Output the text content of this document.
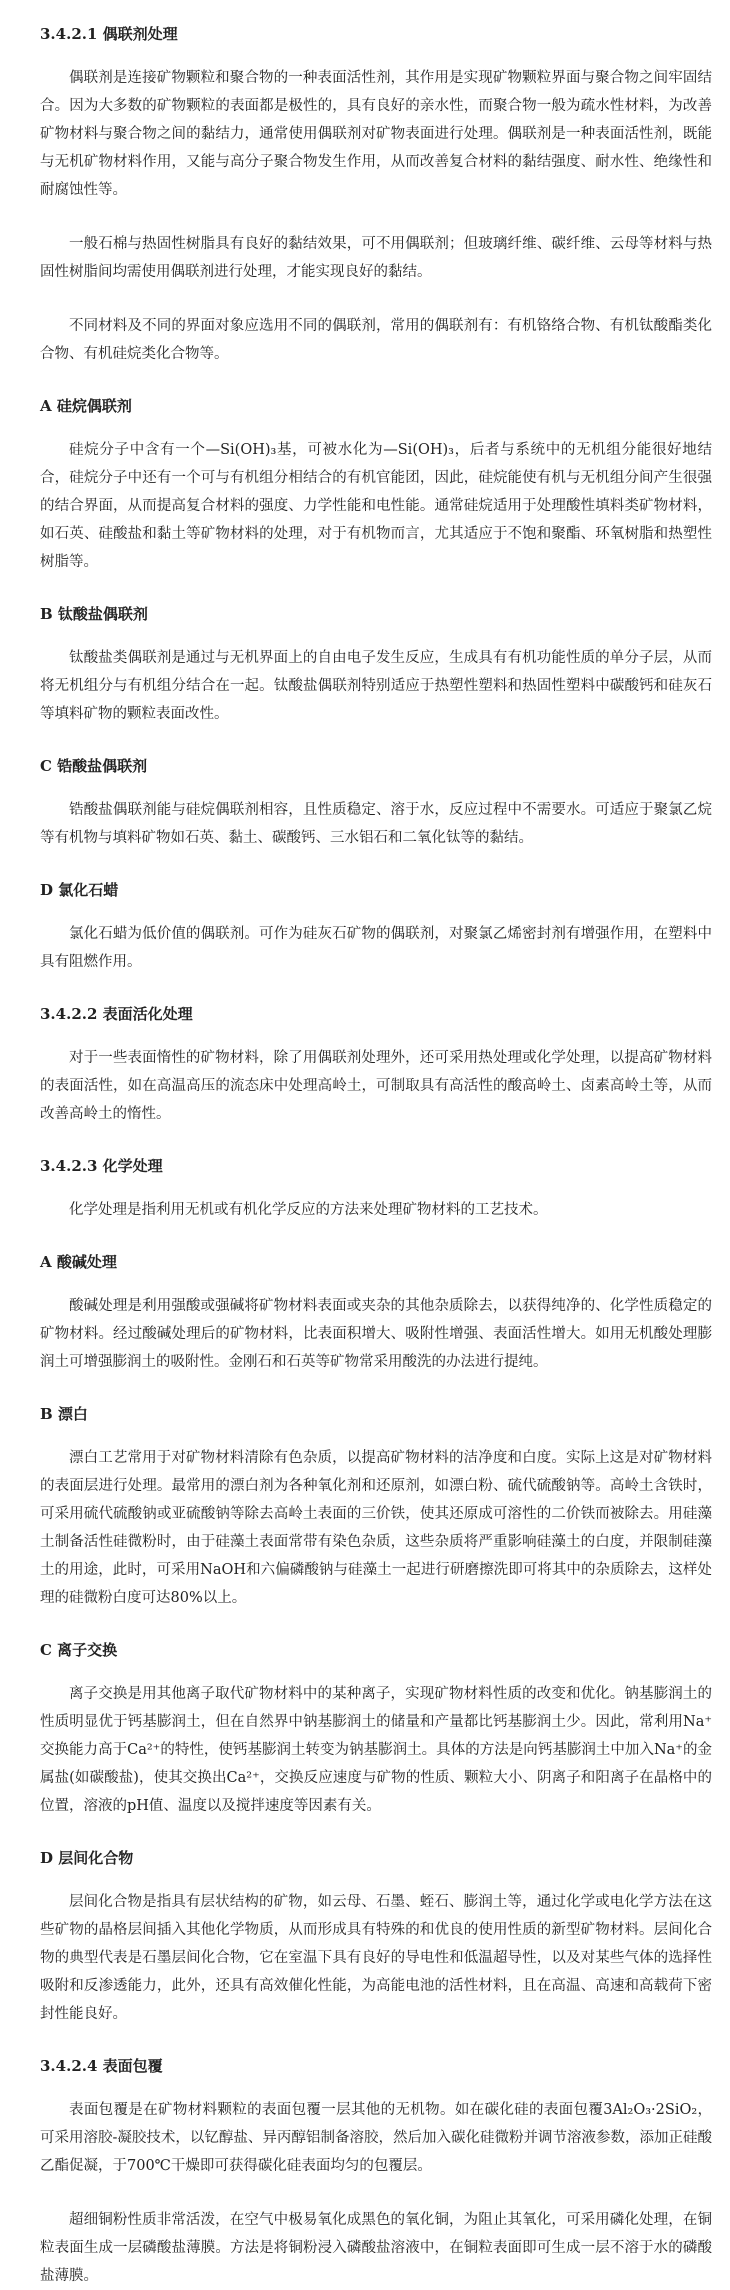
3.4.2.1 偶联剂处理

偶联剂是连接矿物颗粒和聚合物的一种表面活性剂，其作用是实现矿物颗粒界面与聚合物之间牢固结合。因为大多数的矿物颗粒的表面都是极性的，具有良好的亲水性，而聚合物一般为疏水性材料，为改善矿物材料与聚合物之间的黏结力，通常使用偶联剂对矿物表面进行处理。偶联剂是一种表面活性剂，既能与无机矿物材料作用，又能与高分子聚合物发生作用，从而改善复合材料的黏结强度、耐水性、绝缘性和耐腐蚀性等。

一般石棉与热固性树脂具有良好的黏结效果，可不用偶联剂；但玻璃纤维、碳纤维、云母等材料与热固性树脂间均需使用偶联剂进行处理，才能实现良好的黏结。

不同材料及不同的界面对象应选用不同的偶联剂，常用的偶联剂有：有机铬络合物、有机钛酸酯类化合物、有机硅烷类化合物等。

A 硅烷偶联剂

硅烷分子中含有一个—Si(OH)₃基，可被水化为—Si(OH)₃，后者与系统中的无机组分能很好地结合，硅烷分子中还有一个可与有机组分相结合的有机官能团，因此，硅烷能使有机与无机组分间产生很强的结合界面，从而提高复合材料的强度、力学性能和电性能。通常硅烷适用于处理酸性填料类矿物材料，如石英、硅酸盐和黏土等矿物材料的处理，对于有机物而言，尤其适应于不饱和聚酯、环氧树脂和热塑性树脂等。

B 钛酸盐偶联剂

钛酸盐类偶联剂是通过与无机界面上的自由电子发生反应，生成具有有机功能性质的单分子层，从而将无机组分与有机组分结合在一起。钛酸盐偶联剂特别适应于热塑性塑料和热固性塑料中碳酸钙和硅灰石等填料矿物的颗粒表面改性。

C 锆酸盐偶联剂

锆酸盐偶联剂能与硅烷偶联剂相容，且性质稳定、溶于水，反应过程中不需要水。可适应于聚氯乙烷等有机物与填料矿物如石英、黏土、碳酸钙、三水铝石和二氧化钛等的黏结。

D 氯化石蜡

氯化石蜡为低价值的偶联剂。可作为硅灰石矿物的偶联剂，对聚氯乙烯密封剂有增强作用，在塑料中具有阻燃作用。

3.4.2.2 表面活化处理

对于一些表面惰性的矿物材料，除了用偶联剂处理外，还可采用热处理或化学处理，以提高矿物材料的表面活性，如在高温高压的流态床中处理高岭土，可制取具有高活性的酸高岭土、卤素高岭土等，从而改善高岭土的惰性。

3.4.2.3 化学处理

化学处理是指利用无机或有机化学反应的方法来处理矿物材料的工艺技术。

A 酸碱处理

酸碱处理是利用强酸或强碱将矿物材料表面或夹杂的其他杂质除去，以获得纯净的、化学性质稳定的矿物材料。经过酸碱处理后的矿物材料，比表面积增大、吸附性增强、表面活性增大。如用无机酸处理膨润土可增强膨润土的吸附性。金刚石和石英等矿物常采用酸洗的办法进行提纯。

B 漂白

漂白工艺常用于对矿物材料清除有色杂质，以提高矿物材料的洁净度和白度。实际上这是对矿物材料的表面层进行处理。最常用的漂白剂为各种氧化剂和还原剂，如漂白粉、硫代硫酸钠等。高岭土含铁时，可采用硫代硫酸钠或亚硫酸钠等除去高岭土表面的三价铁，使其还原成可溶性的二价铁而被除去。用硅藻土制备活性硅微粉时，由于硅藻土表面常带有染色杂质，这些杂质将严重影响硅藻土的白度，并限制硅藻土的用途，此时，可采用NaOH和六偏磷酸钠与硅藻土一起进行研磨擦洗即可将其中的杂质除去，这样处理的硅微粉白度可达80%以上。

C 离子交换

离子交换是用其他离子取代矿物材料中的某种离子，实现矿物材料性质的改变和优化。钠基膨润土的性质明显优于钙基膨润土，但在自然界中钠基膨润土的储量和产量都比钙基膨润土少。因此，常利用Na⁺交换能力高于Ca²⁺的特性，使钙基膨润土转变为钠基膨润土。具体的方法是向钙基膨润土中加入Na⁺的金属盐(如碳酸盐)，使其交换出Ca²⁺，交换反应速度与矿物的性质、颗粒大小、阴离子和阳离子在晶格中的位置，溶液的pH值、温度以及搅拌速度等因素有关。

D 层间化合物

层间化合物是指具有层状结构的矿物，如云母、石墨、蛭石、膨润土等，通过化学或电化学方法在这些矿物的晶格层间插入其他化学物质，从而形成具有特殊的和优良的使用性质的新型矿物材料。层间化合物的典型代表是石墨层间化合物，它在室温下具有良好的导电性和低温超导性，以及对某些气体的选择性吸附和反渗透能力，此外，还具有高效催化性能，为高能电池的活性材料，且在高温、高速和高载荷下密封性能良好。

3.4.2.4 表面包覆

表面包覆是在矿物材料颗粒的表面包覆一层其他的无机物。如在碳化硅的表面包覆3Al₂O₃·2SiO₂，可采用溶胶-凝胶技术，以钇醇盐、异丙醇铝制备溶胶，然后加入碳化硅微粉并调节溶液参数，添加正硅酸乙酯促凝，于700℃干燥即可获得碳化硅表面均匀的包覆层。

超细铜粉性质非常活泼，在空气中极易氧化成黑色的氧化铜，为阻止其氧化，可采用磷化处理，在铜粒表面生成一层磷酸盐薄膜。方法是将铜粉浸入磷酸盐溶液中，在铜粒表面即可生成一层不溶于水的磷酸盐薄膜。
